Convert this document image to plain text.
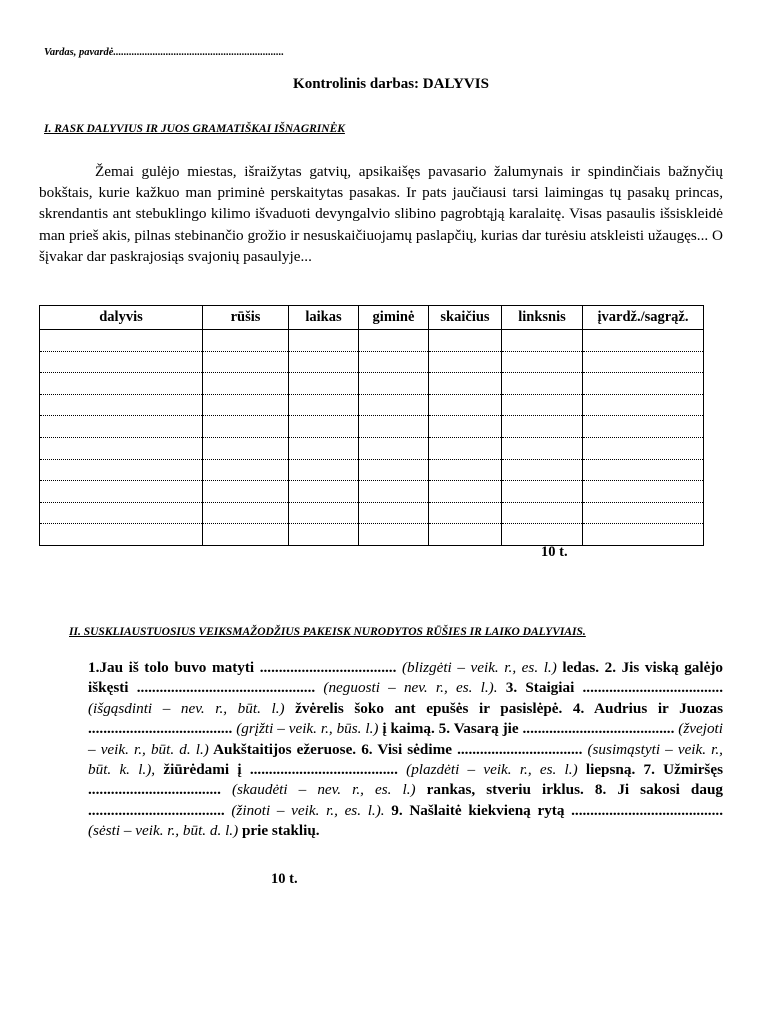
Vardas, pavardė.................................................................
Kontrolinis darbas: DALYVIS
I. RASK DALYVIUS IR JUOS GRAMATIŠKAI IŠNAGRINĖK

Žemai gulėjo miestas, išraižytas gatvių, apsikaišęs pavasario žalumynais ir spindinčiais bažnyčių bokštais, kurie kažkuo man priminė perskaitytas pasakas. Ir pats jaučiausi tarsi laimingas tų pasakų princas, skrendantis ant stebuklingo kilimo išvaduoti devyngalvio slibino pagrobtąją karalaitę. Visas pasaulis išsiskleidė man prieš akis, pilnas stebinančio grožio ir nesuskaičiuojamų paslapčių, kurias dar turėsiu atskleisti užaugęs... O šįvakar dar paskrajosiąs svajonių pasaulyje...

dalyvis	rūšis	laikas	giminė	skaičius	linksnis	įvardž./sagrąž.

10 t.
II. SUSKLIAUSTUOSIUS VEIKSMAŽODŽIUS PAKEISK NURODYTOS RŪŠIES IR LAIKO DALYVIAIS.

1.Jau iš tolo buvo matyti .................................... (blizgėti – veik. r., es. l.) ledas. 2. Jis viską galėjo iškęsti ............................................... (neguosti – nev. r., es. l.). 3. Staigiai ..................................... (išgąsdinti – nev. r., būt. l.) žvėrelis šoko ant epušės ir pasislėpė. 4. Audrius ir Juozas ...................................... (grįžti – veik. r., būs. l.) į kaimą. 5. Vasarą jie ........................................ (žvejoti – veik. r., būt. d. l.) Aukštaitijos ežeruose. 6. Visi sėdime ................................. (susimąstyti – veik. r., būt. k. l.), žiūrėdami į ....................................... (plazdėti – veik. r., es. l.) liepsną. 7. Užmiršęs ................................... (skaudėti – nev. r., es. l.) rankas, stveriu irklus. 8. Ji sakosi daug .................................... (žinoti – veik. r., es. l.). 9. Našlaitė kiekvieną rytą ........................................ (sėsti – veik. r., būt. d. l.) prie staklių.

10 t.
